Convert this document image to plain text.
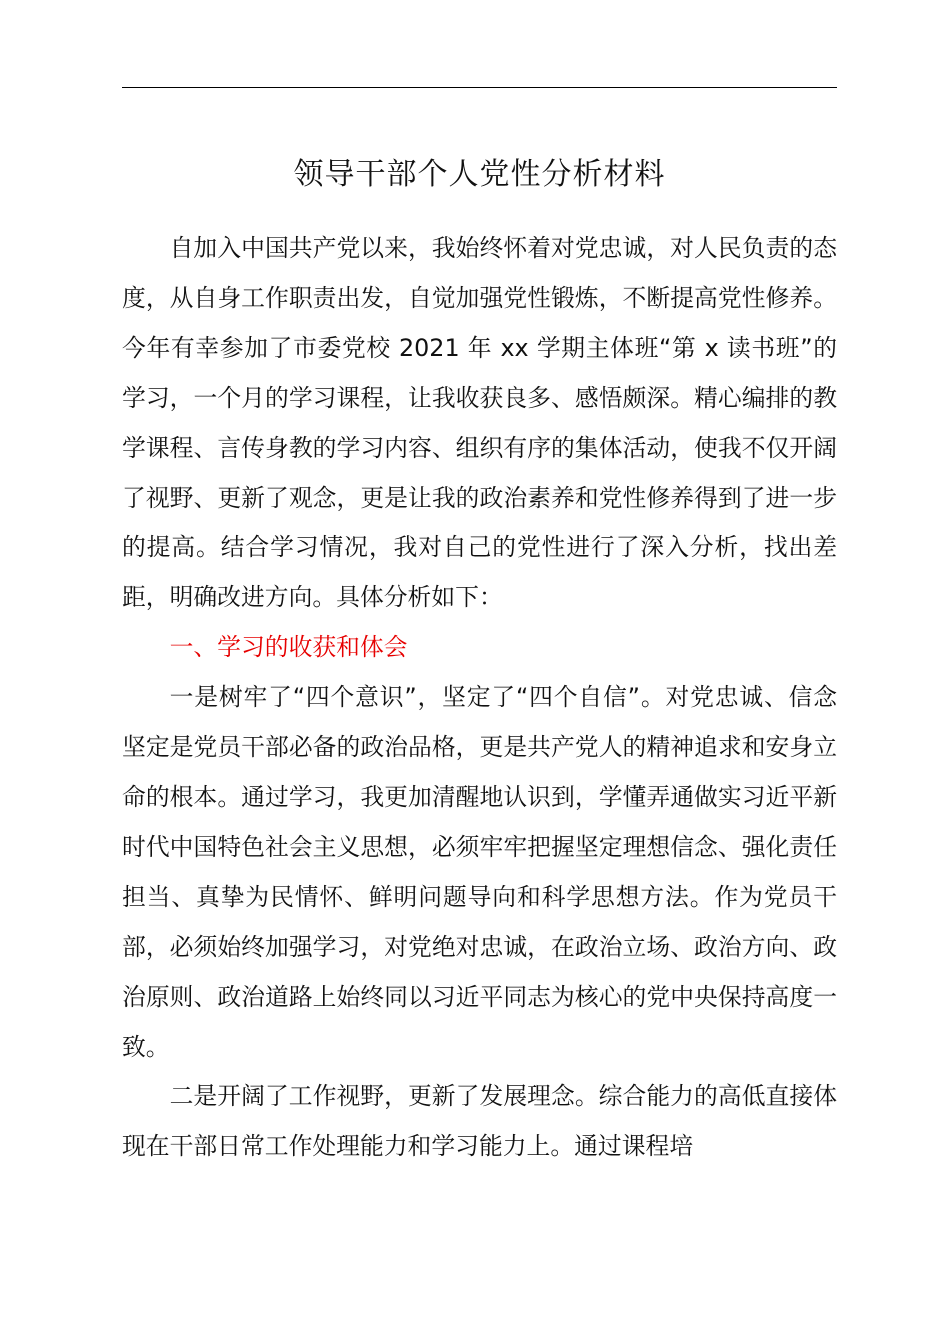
领导干部个人党性分析材料

自加入中国共产党以来，我始终怀着对党忠诚，对人民负责的态度，从自身工作职责出发，自觉加强党性锻炼，不断提高党性修养。今年有幸参加了市委党校 2021 年 xx 学期主体班“第 x 读书班”的学习，一个月的学习课程，让我收获良多、感悟颇深。精心编排的教学课程、言传身教的学习内容、组织有序的集体活动，使我不仅开阔了视野、更新了观念，更是让我的政治素养和党性修养得到了进一步的提高。结合学习情况，我对自己的党性进行了深入分析，找出差距，明确改进方向。具体分析如下：

一、学习的收获和体会

一是树牢了“四个意识”，坚定了“四个自信”。对党忠诚、信念坚定是党员干部必备的政治品格，更是共产党人的精神追求和安身立命的根本。通过学习，我更加清醒地认识到，学懂弄通做实习近平新时代中国特色社会主义思想，必须牢牢把握坚定理想信念、强化责任担当、真挚为民情怀、鲜明问题导向和科学思想方法。作为党员干部，必须始终加强学习，对党绝对忠诚，在政治立场、政治方向、政治原则、政治道路上始终同以习近平同志为核心的党中央保持高度一致。

二是开阔了工作视野，更新了发展理念。综合能力的高低直接体现在干部日常工作处理能力和学习能力上。通过课程培
